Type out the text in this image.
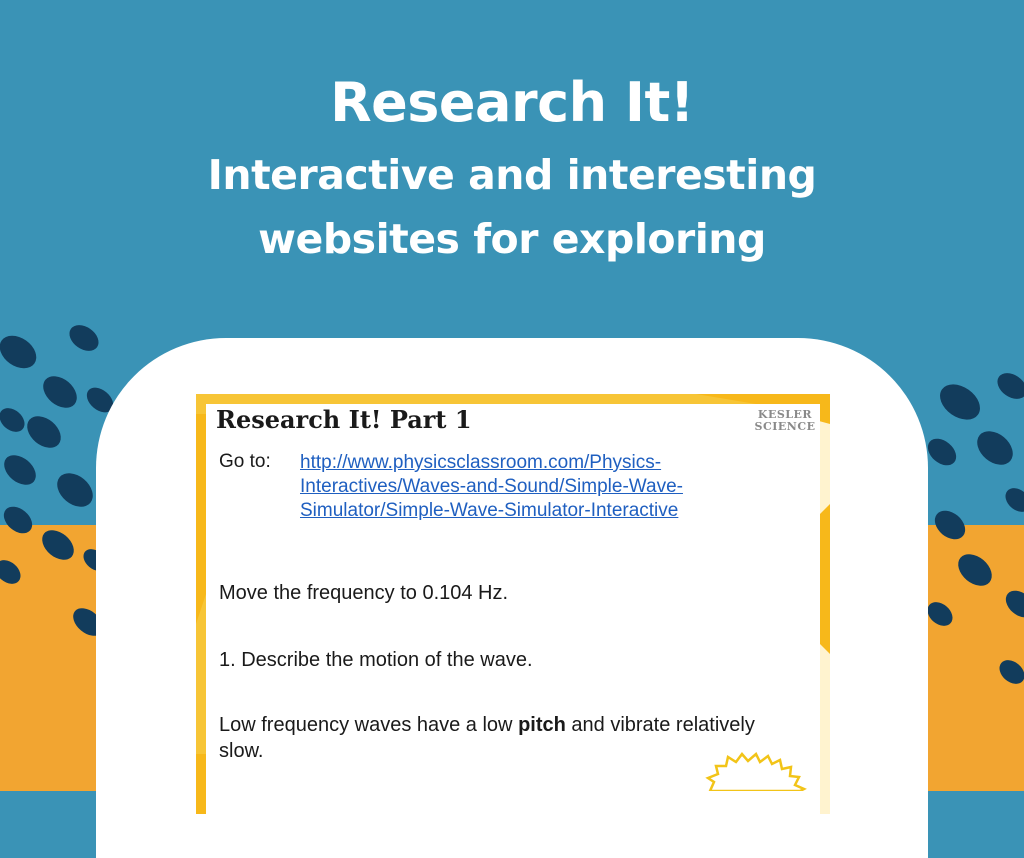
Research It!
Interactive and interesting
websites for exploring
Research It! Part 1	KESLER
SCIENCE
Go to: http://www.physicsclassroom.com/Physics-
Interactives/Waves-and-Sound/Simple-Wave-
Simulator/Simple-Wave-Simulator-Interactive
Move the frequency to 0.104 Hz.
1. Describe the motion of the wave.
Low frequency waves have a low pitch and vibrate relatively slow.
